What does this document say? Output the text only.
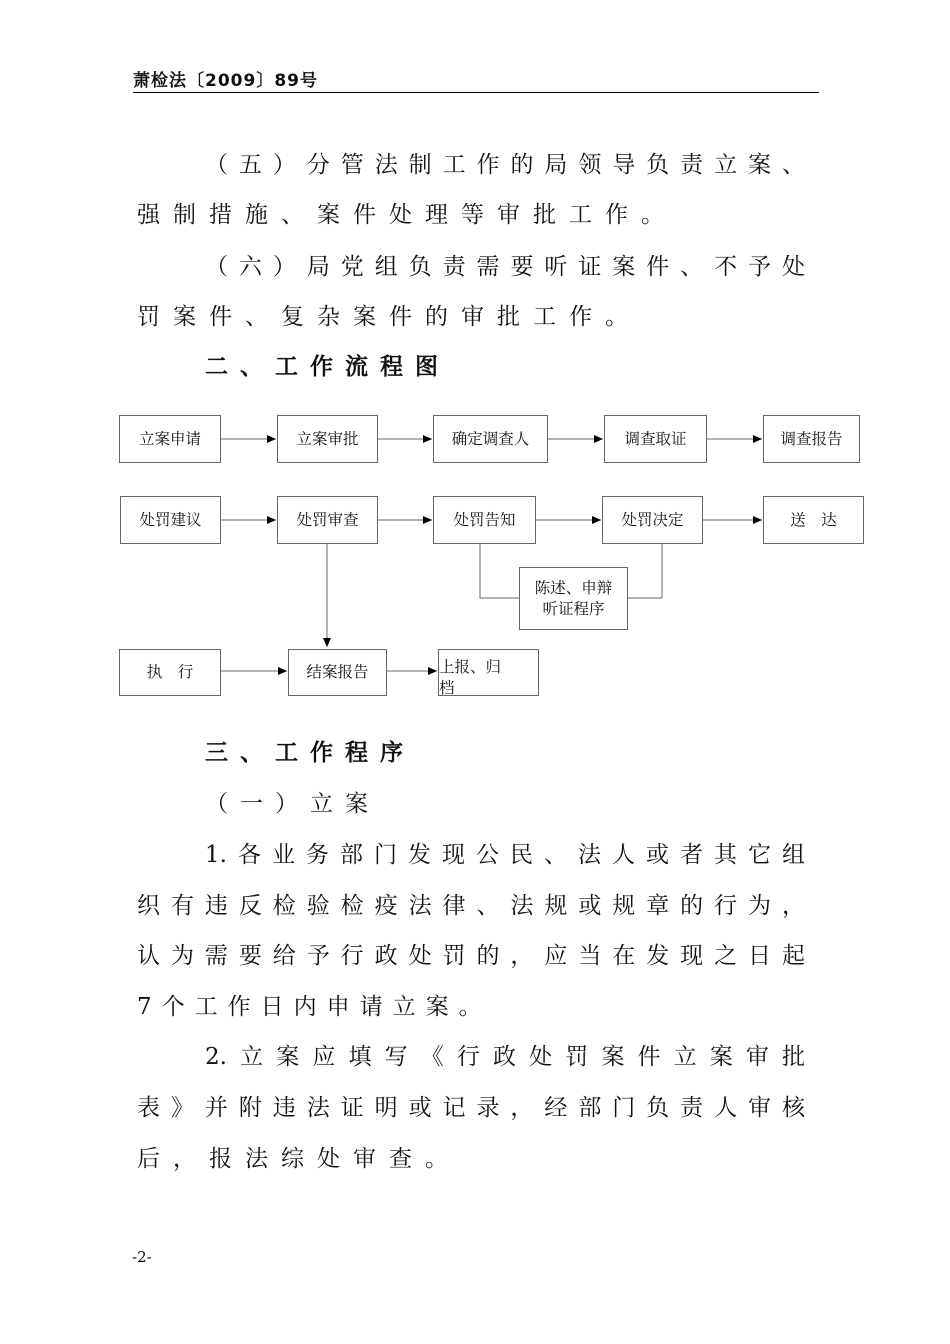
萧检法〔2009〕89号
（五）分管法制工作的局领导负责立案、
强制措施、案件处理等审批工作。
（六）局党组负责需要听证案件、不予处
罚案件、复杂案件的审批工作。
二、工作流程图
立案申请	立案审批	确定调查人	调查取证	调查报告
处罚建议	处罚审查	处罚告知	处罚决定	送　达
陈述、申辩
听证程序
执　行	结案报告	上报、归
档
三、工作程序
（一）立案
1.各业务部门发现公民、法人或者其它组
织有违反检验检疫法律、法规或规章的行为，
认为需要给予行政处罚的，应当在发现之日起
7个工作日内申请立案。
2.立案应填写《行政处罚案件立案审批
表》并附违法证明或记录，经部门负责人审核
后，报法综处审查。
-2-
